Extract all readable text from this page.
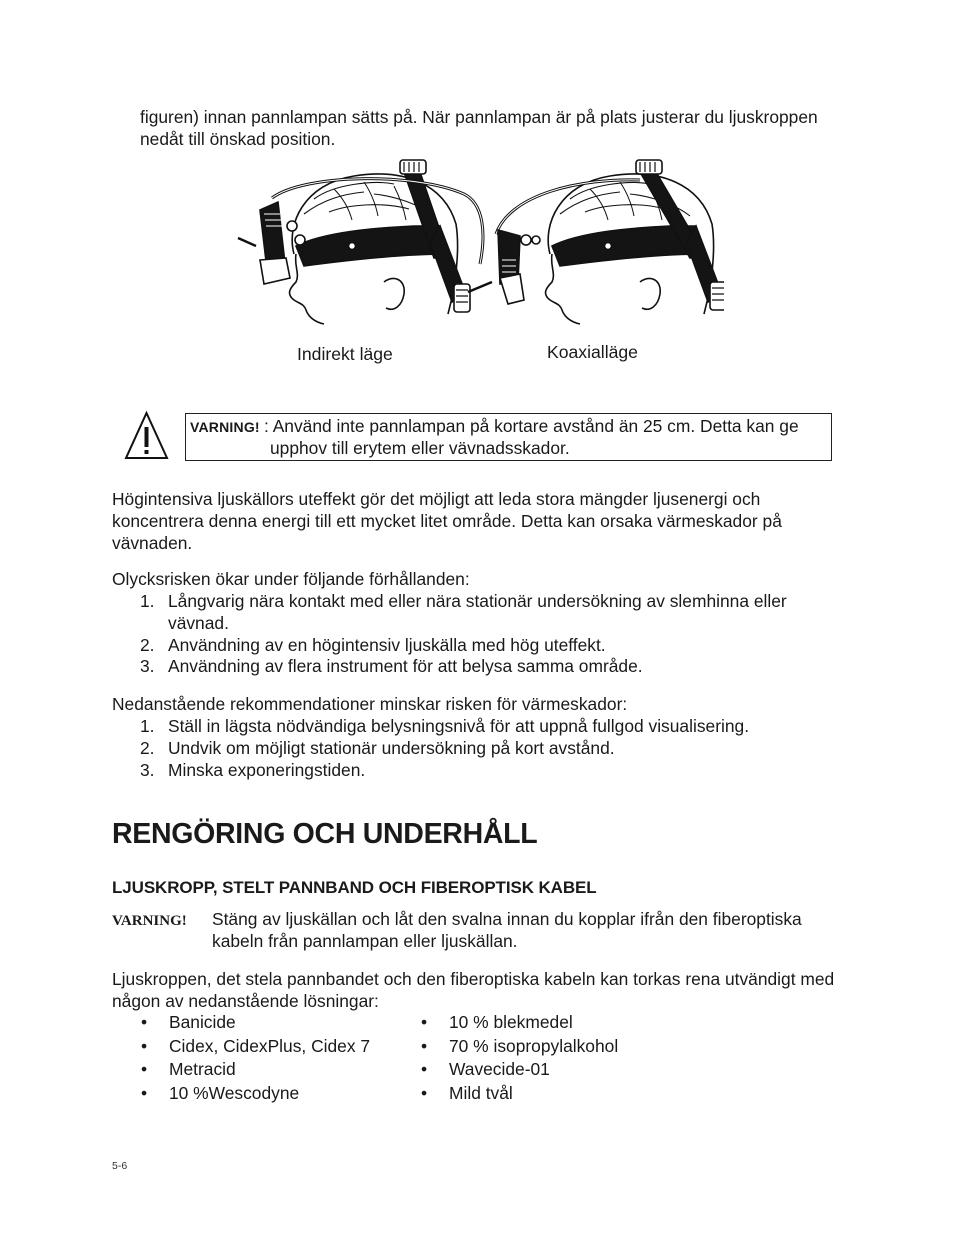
figuren) innan pannlampan sätts på. När pannlampan är på plats justerar du ljuskroppen nedåt till önskad position.
Indirekt läge	Koaxialläge
VARNING! : Använd inte pannlampan på kortare avstånd än 25 cm. Detta kan ge upphov till erytem eller vävnadsskador.
Högintensiva ljuskällors uteffekt gör det möjligt att leda stora mängder ljusenergi och koncentrera denna energi till ett mycket litet område. Detta kan orsaka värmeskador på vävnaden.
Olycksrisken ökar under följande förhållanden:
1. Långvarig nära kontakt med eller nära stationär undersökning av slemhinna eller vävnad.
2. Användning av en högintensiv ljuskälla med hög uteffekt.
3. Användning av flera instrument för att belysa samma område.
Nedanstående rekommendationer minskar risken för värmeskador:
1. Ställ in lägsta nödvändiga belysningsnivå för att uppnå fullgod visualisering.
2. Undvik om möjligt stationär undersökning på kort avstånd.
3. Minska exponeringstiden.
RENGÖRING OCH UNDERHÅLL
LJUSKROPP, STELT PANNBAND OCH FIBEROPTISK KABEL
VARNING! Stäng av ljuskällan och låt den svalna innan du kopplar ifrån den fiberoptiska kabeln från pannlampan eller ljuskällan.
Ljuskroppen, det stela pannbandet och den fiberoptiska kabeln kan torkas rena utvändigt med någon av nedanstående lösningar:
• Banicide
• Cidex, CidexPlus, Cidex 7
• Metracid
• 10 %Wescodyne
• 10 % blekmedel
• 70 % isopropylalkohol
• Wavecide-01
• Mild tvål
5-6
